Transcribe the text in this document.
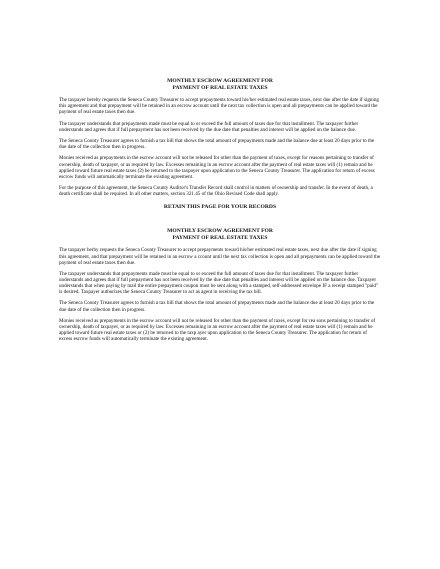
MONTHLY ESCROW AGREEMENT FOR
PAYMENT OF REAL ESTATE TAXES

The taxpayer hereby requests the Seneca County Treasurer to accept prepayments toward his/her estimated real estate taxes, next due after the date if signing this agreement and that prepayment will be retained in an escrow account until the next tax collection is open and all prepayments can be applied toward the payment of real estate taxes then due.

The taxpayer understands that prepayments made must be equal to or exceed the full amount of taxes due for that installment. The taxpayer further understands and agrees that if full prepayment has not been received by the due date that penalties and interest will be applied on the balance due.

The Seneca County Treasurer agrees to furnish a tax bill that shows the total amount of prepayments made and the balance due at least 20 days prior to the due date of the collection then in progress.

Monies received as prepayments in the escrow account will not be released for other than the payment of taxes, except for reasons pertaining to transfer of ownership, death of taxpayer, or as required by law. Excesses remaining in an escrow account after the payment of real estate taxes will (1) remain and be applied toward future real estate taxes (2) be returned to the taxpayer upon application to the Seneca County Treasurer. The application for return of excess escrow funds will automatically terminate the existing agreement.

For the purpose of this agreement, the Seneca County Auditor's Transfer Record shall control in matters of ownership and transfer. In the event of death, a death certificate shall be required. In all other matters, section 321.45 of the Ohio Revised Code shall apply.

RETAIN THIS PAGE FOR YOUR RECORDS
MONTHLY ESCROW AGREEMENT FOR
PAYMENT OF REAL ESTATE TAXES

The taxpayer herby requests the Seneca County Treasurer to accept prepayments toward his/her estimated real estate taxes, next due after the date if signing this agreement, and that prepayment will be retained in an escrow a ccount until the next tax collection is open and all prepayments can be applied toward the payment of real estate taxes then due.

The taxpayer understands that prepayments made must be equal to or exceed the full amount of taxes due for that installment. The taxpayer further understands and agrees that if full prepayment has not been received by the due date that penalties and interest will be applied on the balance due. Taxpayer understands that when paying by mail the entire prepayment coupon must be sent along with a stamped, self-addressed envelope IF a receipt stamped "paid" is desired. Taxpayer authorizes the Seneca County Treasurer to act as agent in receiving the tax bill.

The Seneca County Treasurer agrees to furnish a tax bill that shows the total amount of prepayments made and the balance due at least 20 days prior to the due date of the collection then in progress.

Monies received as prepayments in the escrow account will not be released for other than the payment of taxes, except for rea sons pertaining to transfer of ownership, death of taxpayer, or as required by law. Excesses remaining in an escrow account after the payment of real estate taxes will (1) remain and be applied toward future real estate taxes or (2) be returned to the taxp ayer upon application to the Seneca County Treasurer. The application for return of excess escrow funds will automatically terminate the existing agreement.
